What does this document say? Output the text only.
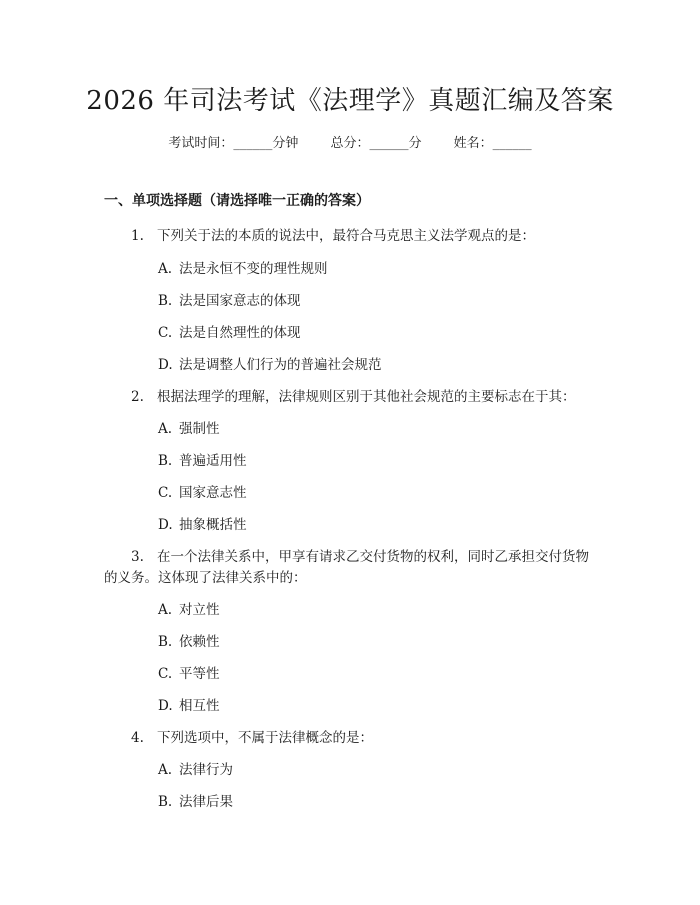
2026 年司法考试《法理学》真题汇编及答案
考试时间：______分钟 总分：______分 姓名：______
一、单项选择题（请选择唯一正确的答案）
1. 下列关于法的本质的说法中，最符合马克思主义法学观点的是：
A. 法是永恒不变的理性规则
B. 法是国家意志的体现
C. 法是自然理性的体现
D. 法是调整人们行为的普遍社会规范
2. 根据法理学的理解，法律规则区别于其他社会规范的主要标志在于其：
A. 强制性
B. 普遍适用性
C. 国家意志性
D. 抽象概括性
3. 在一个法律关系中，甲享有请求乙交付货物的权利，同时乙承担交付货物
的义务。这体现了法律关系中的：
A. 对立性
B. 依赖性
C. 平等性
D. 相互性
4. 下列选项中，不属于法律概念的是：
A. 法律行为
B. 法律后果
